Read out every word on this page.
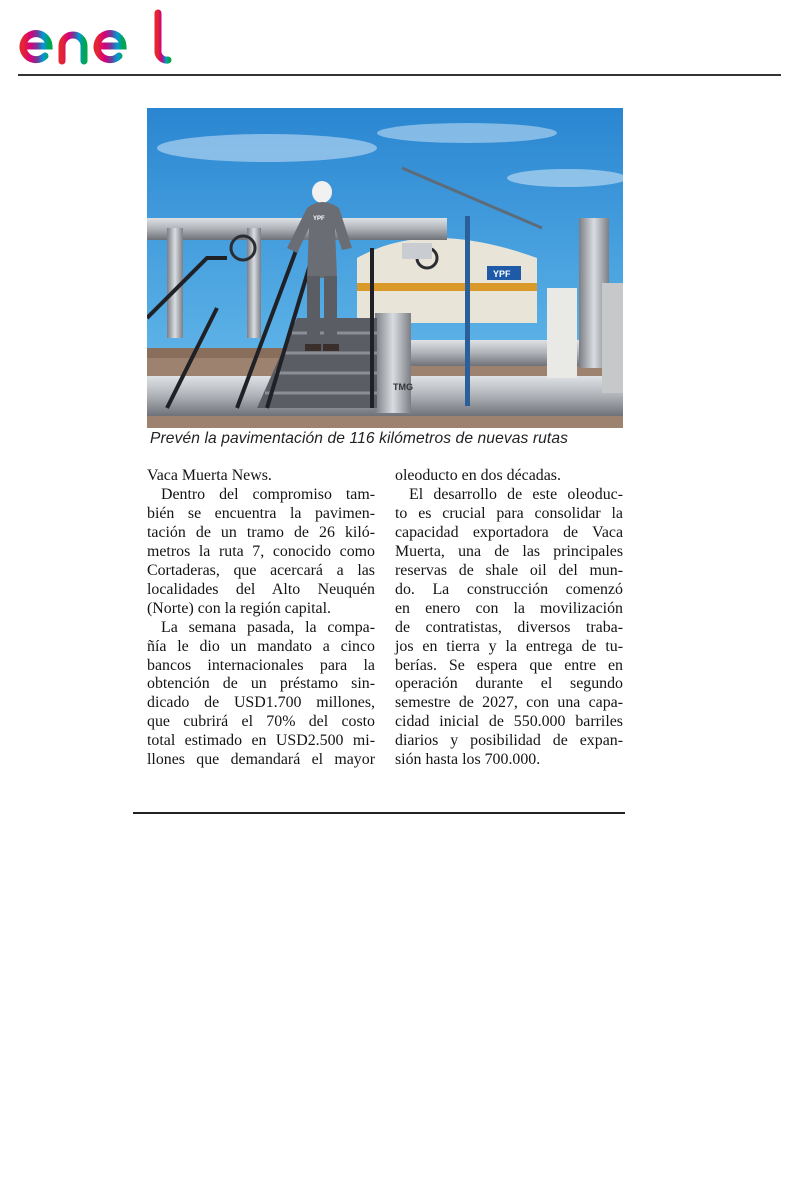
enel
YPF
TMG
YPF
Prevén la pavimentación de 116 kilómetros de nuevas rutas
Vaca Muerta News.
Dentro del compromiso tam-
bién se encuentra la pavimen-
tación de un tramo de 26 kiló-
metros la ruta 7, conocido como
Cortaderas, que acercará a las
localidades del Alto Neuquén
(Norte) con la región capital.
La semana pasada, la compa-
ñía le dio un mandato a cinco
bancos internacionales para la
obtención de un préstamo sin-
dicado de USD1.700 millones,
que cubrirá el 70% del costo
total estimado en USD2.500 mi-
llones que demandará el mayor
oleoducto en dos décadas.
El desarrollo de este oleoduc-
to es crucial para consolidar la
capacidad exportadora de Vaca
Muerta, una de las principales
reservas de shale oil del mun-
do. La construcción comenzó
en enero con la movilización
de contratistas, diversos traba-
jos en tierra y la entrega de tu-
berías. Se espera que entre en
operación durante el segundo
semestre de 2027, con una capa-
cidad inicial de 550.000 barriles
diarios y posibilidad de expan-
sión hasta los 700.000.
